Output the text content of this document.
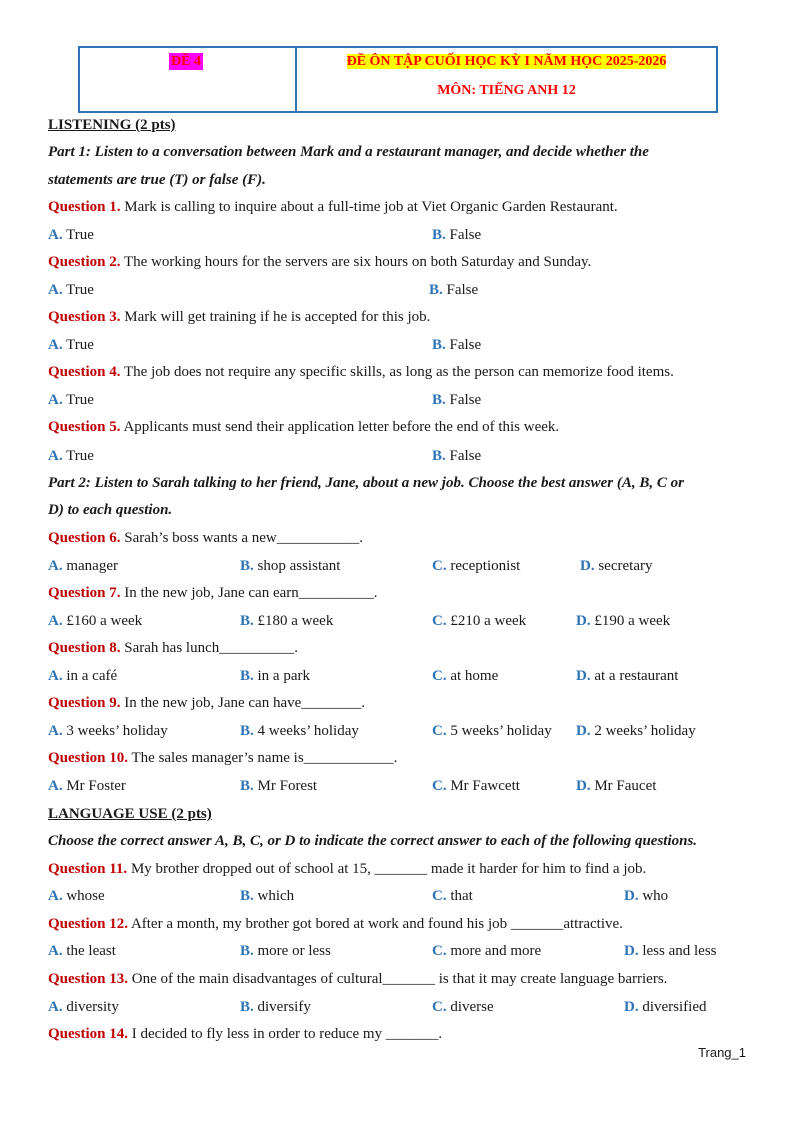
ĐỀ 4	ĐỀ ÔN TẬP CUỐI HỌC KỲ I NĂM HỌC 2025-2026
MÔN: TIẾNG ANH 12
LISTENING (2 pts)
Part 1: Listen to a conversation between Mark and a restaurant manager, and decide whether the
statements are true (T) or false (F).
Question 1. Mark is calling to inquire about a full-time job at Viet Organic Garden Restaurant.
A. True	B. False
Question 2. The working hours for the servers are six hours on both Saturday and Sunday.
A. True	B. False
Question 3. Mark will get training if he is accepted for this job.
A. True	B. False
Question 4. The job does not require any specific skills, as long as the person can memorize food items.
A. True	B. False
Question 5. Applicants must send their application letter before the end of this week.
A. True	B. False
Part 2: Listen to Sarah talking to her friend, Jane, about a new job. Choose the best answer (A, B, C or
D) to each question.
Question 6. Sarah’s boss wants a new___________.
A. manager	B. shop assistant	C. receptionist	D. secretary
Question 7. In the new job, Jane can earn__________.
A. £160 a week	B. £180 a week	C. £210 a week	D. £190 a week
Question 8. Sarah has lunch__________.
A. in a café	B. in a park	C. at home	D. at a restaurant
Question 9. In the new job, Jane can have________.
A. 3 weeks’ holiday	B. 4 weeks’ holiday	C. 5 weeks’ holiday D. 2 weeks’ holiday
Question 10. The sales manager’s name is____________.
A. Mr Foster	B. Mr Forest	C. Mr Fawcett	D. Mr Faucet
LANGUAGE USE (2 pts)
Choose the correct answer A, B, C, or D to indicate the correct answer to each of the following questions.
Question 11. My brother dropped out of school at 15, _______ made it harder for him to find a job.
A. whose	B. which	C. that	D. who
Question 12. After a month, my brother got bored at work and found his job _______attractive.
A. the least	B. more or less	C. more and more	D. less and less
Question 13. One of the main disadvantages of cultural_______ is that it may create language barriers.
A. diversity	B. diversify	C. diverse	D. diversified
Question 14. I decided to fly less in order to reduce my _______.
Trang_1
